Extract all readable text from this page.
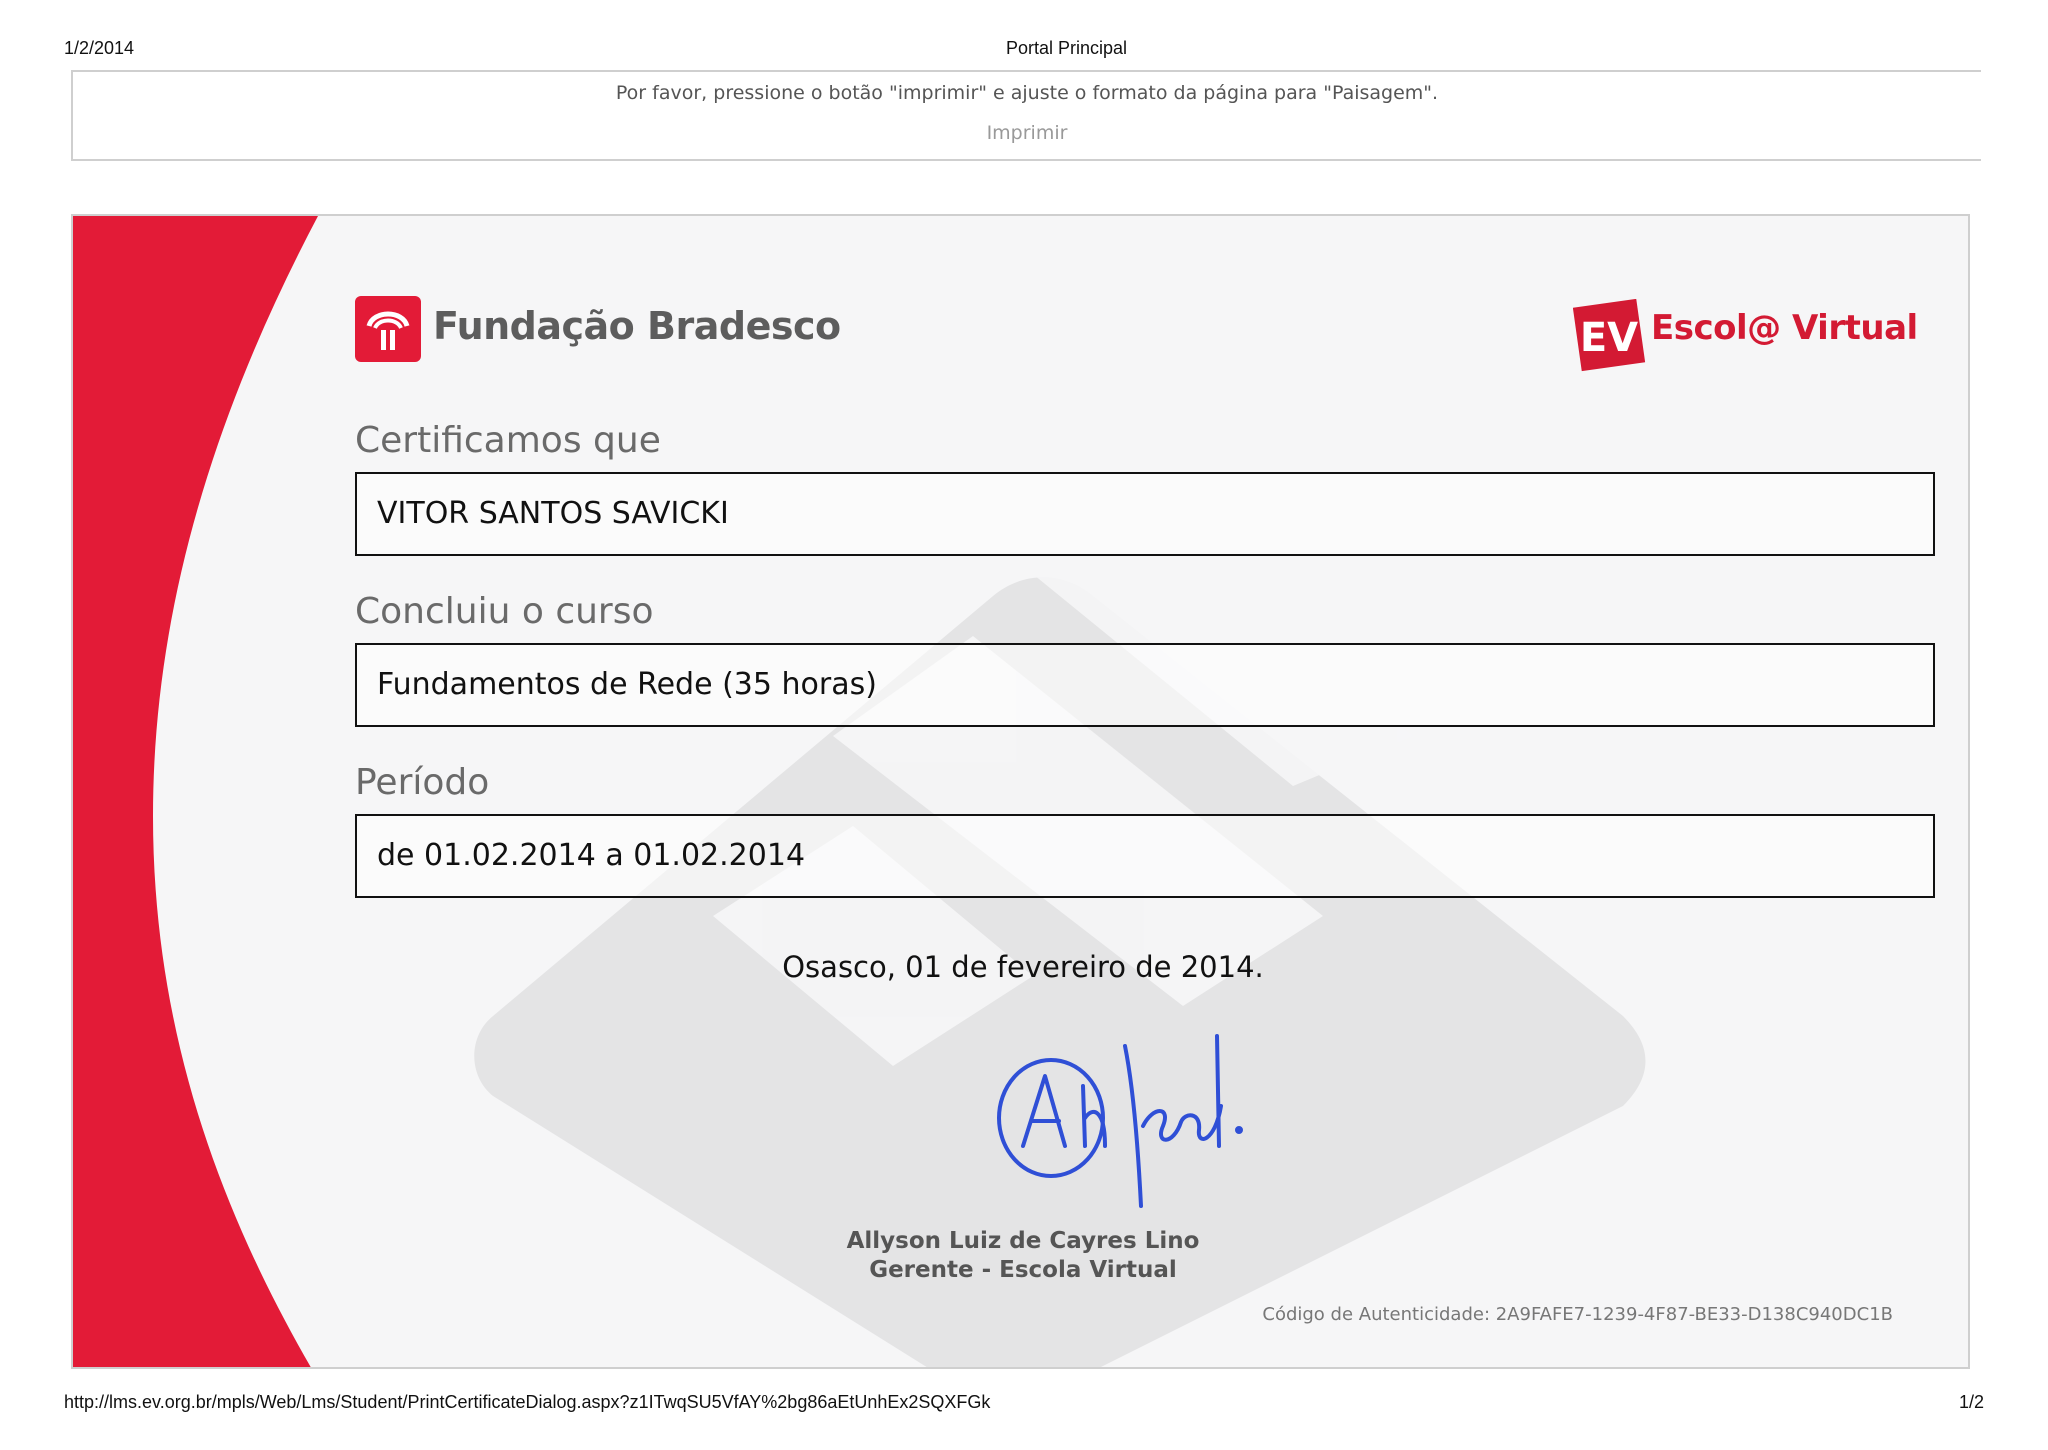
1/2/2014	Portal Principal
Por favor, pressione o botão "imprimir" e ajuste o formato da página para "Paisagem".
Imprimir
Fundação Bradesco	EV Escol@ Virtual
Certificamos que
VITOR SANTOS SAVICKI
Concluiu o curso
Fundamentos de Rede (35 horas)
Período
de 01.02.2014 a 01.02.2014
Osasco, 01 de fevereiro de 2014.
Allyson Luiz de Cayres Lino
Gerente - Escola Virtual
Código de Autenticidade: 2A9FAFE7-1239-4F87-BE33-D138C940DC1B
http://lms.ev.org.br/mpls/Web/Lms/Student/PrintCertificateDialog.aspx?z1ITwqSU5VfAY%2bg86aEtUnhEx2SQXFGk	1/2
